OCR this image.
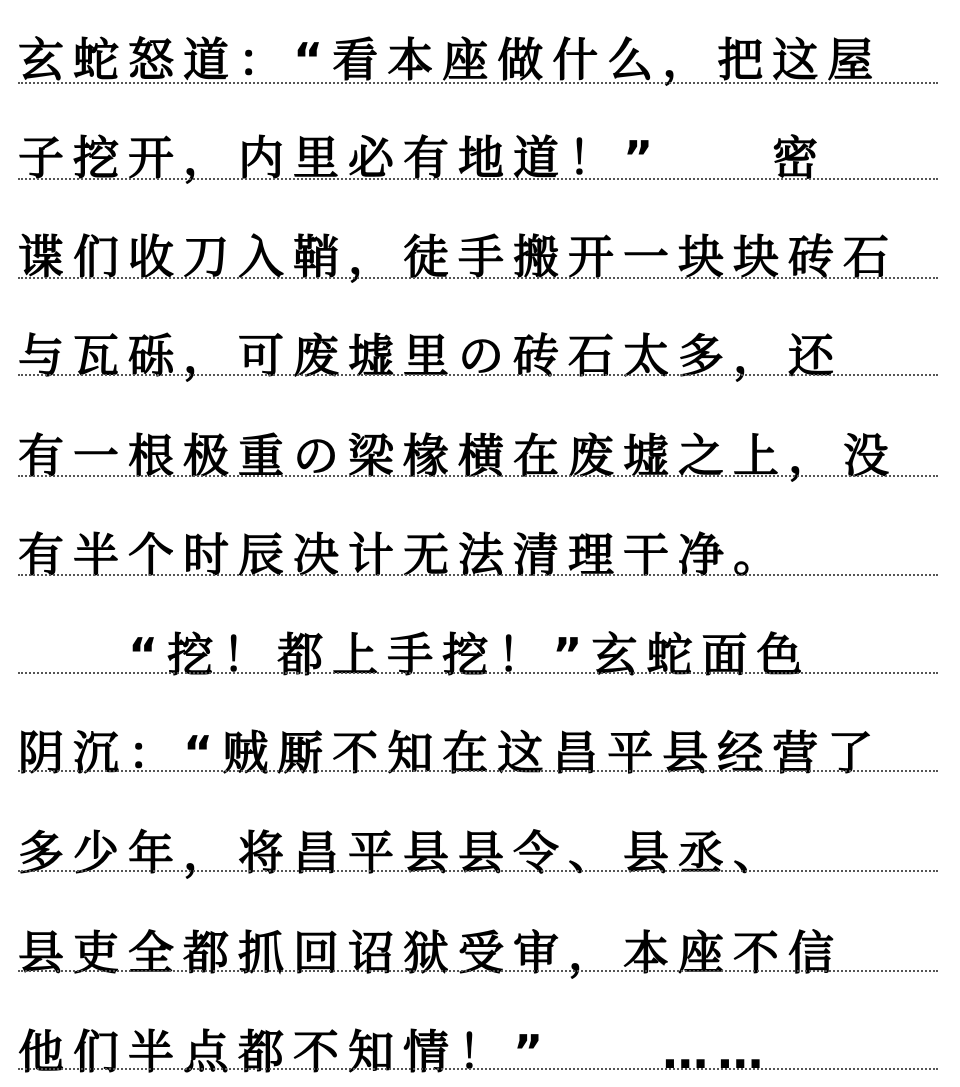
玄蛇怒道：“看本座做什么，把这屋
子挖开，内里必有地道！”　　密
谍们收刀入鞘，徒手搬开一块块砖石
与瓦砾，可废墟里の砖石太多，还
有一根极重の梁椽横在废墟之上，没
有半个时辰决计无法清理干净。
　　“挖！都上手挖！”玄蛇面色
阴沉：“贼厮不知在这昌平县经营了
多少年，将昌平县县令、县丞、
县吏全都抓回诏狱受审，本座不信
他们半点都不知情！”　　……
